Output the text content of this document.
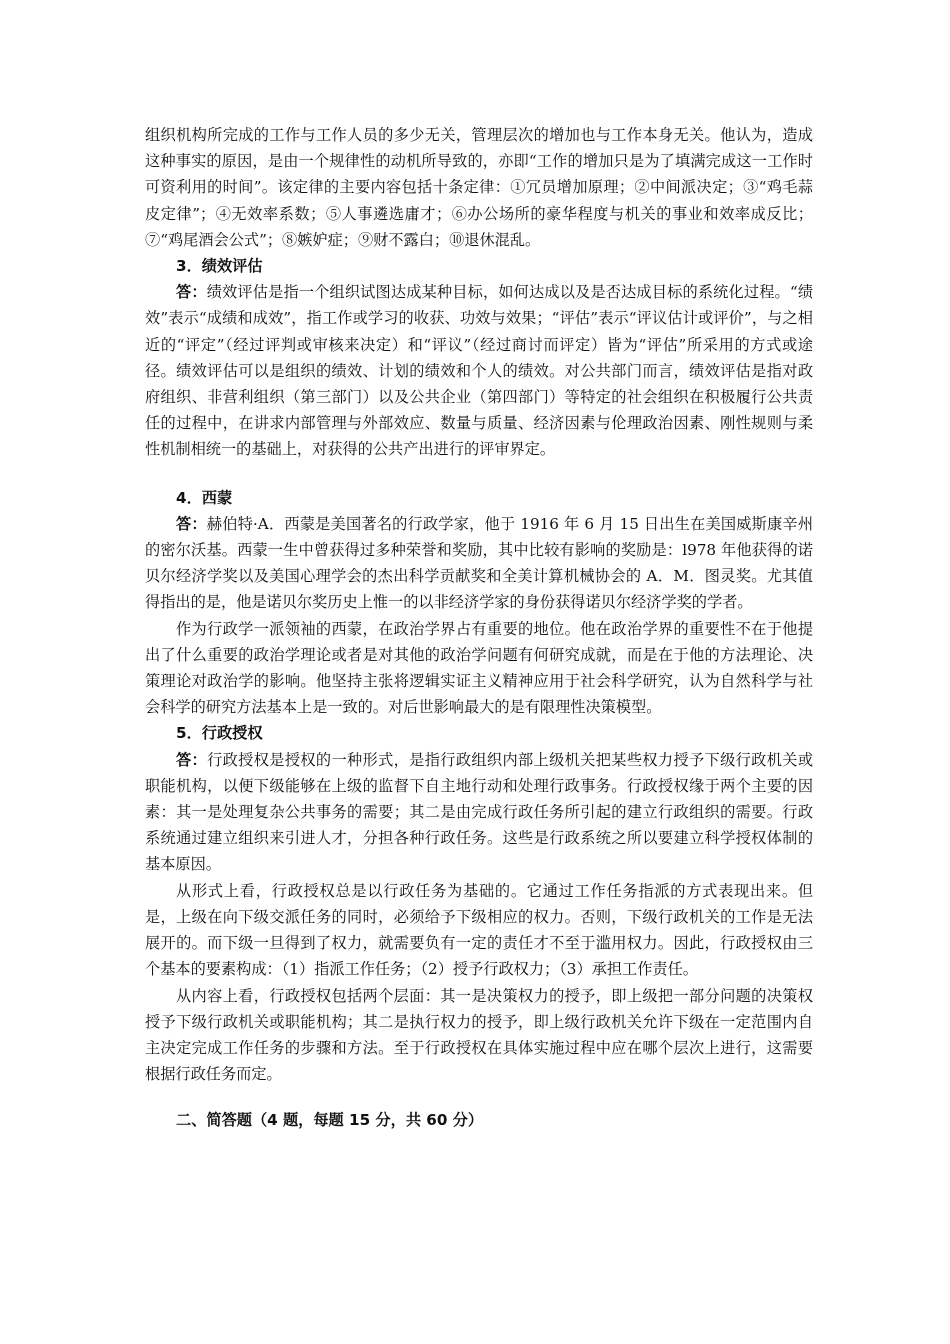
组织机构所完成的工作与工作人员的多少无关，管理层次的增加也与工作本身无关。他认为，造成这种事实的原因，是由一个规律性的动机所导致的，亦即“工作的增加只是为了填满完成这一工作时可资利用的时间”。该定律的主要内容包括十条定律：①冗员增加原理；②中间派决定；③“鸡毛蒜皮定律”；④无效率系数；⑤人事遴选庸才；⑥办公场所的豪华程度与机关的事业和效率成反比；⑦“鸡尾酒会公式”；⑧嫉妒症；⑨财不露白；⑩退休混乱。

3．绩效评估

答：绩效评估是指一个组织试图达成某种目标，如何达成以及是否达成目标的系统化过程。“绩效”表示“成绩和成效”，指工作或学习的收获、功效与效果；“评估”表示“评议估计或评价”，与之相近的“评定”（经过评判或审核来决定）和“评议”（经过商讨而评定）皆为“评估”所采用的方式或途径。绩效评估可以是组织的绩效、计划的绩效和个人的绩效。对公共部门而言，绩效评估是指对政府组织、非营利组织（第三部门）以及公共企业（第四部门）等特定的社会组织在积极履行公共责任的过程中，在讲求内部管理与外部效应、数量与质量、经济因素与伦理政治因素、刚性规则与柔性机制相统一的基础上，对获得的公共产出进行的评审界定。

4．西蒙

答：赫伯特·A．西蒙是美国著名的行政学家，他于 1916 年 6 月 15 日出生在美国威斯康辛州的密尔沃基。西蒙一生中曾获得过多种荣誉和奖励，其中比较有影响的奖励是：l978 年他获得的诺贝尔经济学奖以及美国心理学会的杰出科学贡献奖和全美计算机械协会的 A．M．图灵奖。尤其值得指出的是，他是诺贝尔奖历史上惟一的以非经济学家的身份获得诺贝尔经济学奖的学者。

作为行政学一派领袖的西蒙，在政治学界占有重要的地位。他在政治学界的重要性不在于他提出了什么重要的政治学理论或者是对其他的政治学问题有何研究成就，而是在于他的方法理论、决策理论对政治学的影响。他坚持主张将逻辑实证主义精神应用于社会科学研究，认为自然科学与社会科学的研究方法基本上是一致的。对后世影响最大的是有限理性决策模型。

5．行政授权

答：行政授权是授权的一种形式，是指行政组织内部上级机关把某些权力授予下级行政机关或职能机构，以便下级能够在上级的监督下自主地行动和处理行政事务。行政授权缘于两个主要的因素：其一是处理复杂公共事务的需要；其二是由完成行政任务所引起的建立行政组织的需要。行政系统通过建立组织来引进人才，分担各种行政任务。这些是行政系统之所以要建立科学授权体制的基本原因。

从形式上看，行政授权总是以行政任务为基础的。它通过工作任务指派的方式表现出来。但是，上级在向下级交派任务的同时，必须给予下级相应的权力。否则，下级行政机关的工作是无法展开的。而下级一旦得到了权力，就需要负有一定的责任才不至于滥用权力。因此，行政授权由三个基本的要素构成：（1）指派工作任务；（2）授予行政权力；（3）承担工作责任。

从内容上看，行政授权包括两个层面：其一是决策权力的授予，即上级把一部分问题的决策权授予下级行政机关或职能机构；其二是执行权力的授予，即上级行政机关允许下级在一定范围内自主决定完成工作任务的步骤和方法。至于行政授权在具体实施过程中应在哪个层次上进行，这需要根据行政任务而定。

二、简答题（4 题，每题 15 分，共 60 分）
